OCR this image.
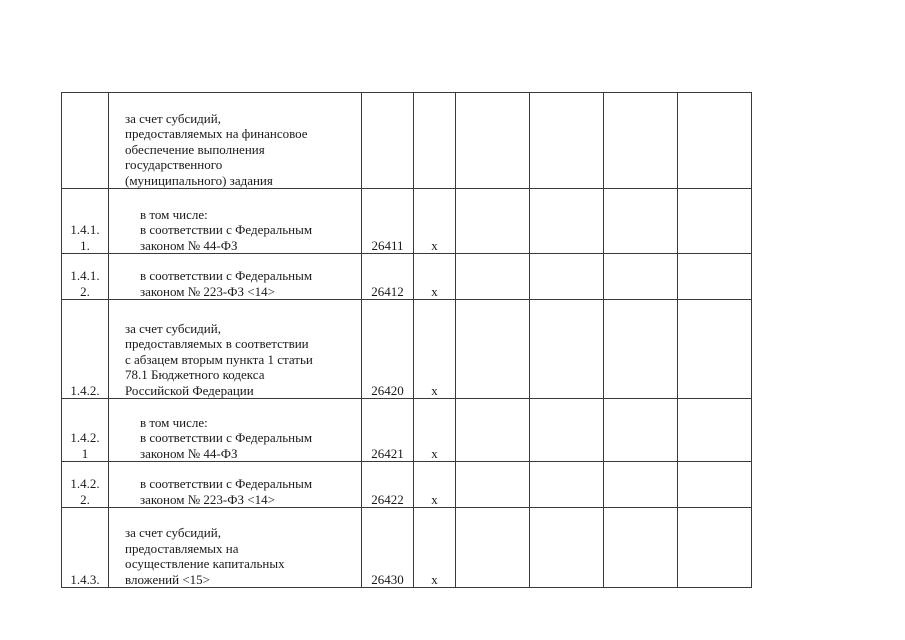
	за счет субсидий,
предоставляемых на финансовое
обеспечение выполнения
государственного
(муниципального) задания						

1.4.1.
1.	в том числе:
в соответствии с Федеральным
законом № 44-ФЗ	26411	х				
1.4.1.
2.	в соответствии с Федеральным
законом № 223-ФЗ <14>	26412	х				
1.4.2.	за счет субсидий,
предоставляемых в соответствии
с абзацем вторым пункта 1 статьи
78.1 Бюджетного кодекса
Российской Федерации	26420	х				
1.4.2.
1	в том числе:
в соответствии с Федеральным
законом № 44-ФЗ	26421	х				
1.4.2.
2.	в соответствии с Федеральным
законом № 223-ФЗ <14>	26422	х				
1.4.3.	за счет субсидий,
предоставляемых на
осуществление капитальных
вложений <15>	26430	х				
